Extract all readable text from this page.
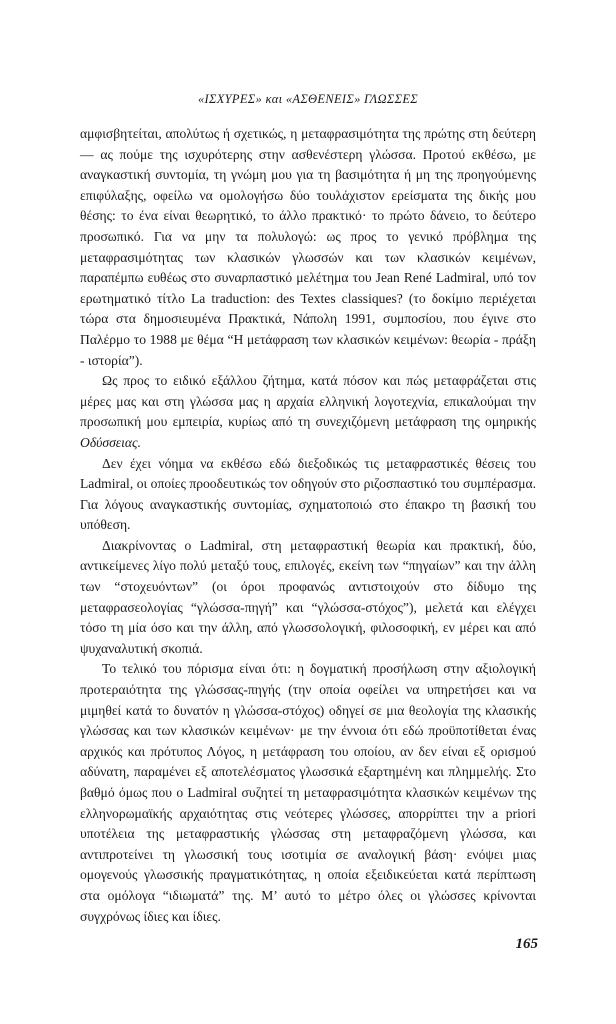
«ΙΣΧΥΡΕΣ» και «ΑΣΘΕΝΕΙΣ» ΓΛΩΣΣΕΣ

αμφισβητείται, απολύτως ή σχετικώς, η μεταφρασιμότητα της πρώτης στη δεύτερη — ας πούμε της ισχυρότερης στην ασθενέστερη γλώσσα. Προτού εκθέσω, με αναγκαστική συντομία, τη γνώμη μου για τη βασιμότητα ή μη της προηγούμενης επιφύλαξης, οφείλω να ομολογήσω δύο τουλάχιστον ερείσματα της δικής μου θέσης: το ένα είναι θεωρητικό, το άλλο πρακτικό· το πρώτο δάνειο, το δεύτερο προσωπικό. Για να μην τα πολυλογώ: ως προς το γενικό πρόβλημα της μεταφρασιμότητας των κλασικών γλωσσών και των κλασικών κειμένων, παραπέμπω ευθέως στο συναρπαστικό μελέτημα του Jean René Ladmiral, υπό τον ερωτηματικό τίτλο La traduction: des Textes classiques? (το δοκίμιο περιέχεται τώρα στα δημοσιευμένα Πρακτικά, Νάπολη 1991, συμποσίου, που έγινε στο Παλέρμο το 1988 με θέμα “Η μετάφραση των κλασικών κειμένων: θεωρία - πράξη - ιστορία”).

Ως προς το ειδικό εξάλλου ζήτημα, κατά πόσον και πώς μεταφράζεται στις μέρες μας και στη γλώσσα μας η αρχαία ελληνική λογοτεχνία, επικαλούμαι την προσωπική μου εμπειρία, κυρίως από τη συνεχιζόμενη μετάφραση της ομηρικής Οδύσσειας.

Δεν έχει νόημα να εκθέσω εδώ διεξοδικώς τις μεταφραστικές θέσεις του Ladmiral, οι οποίες προοδευτικώς τον οδηγούν στο ριζοσπαστικό του συμπέρασμα. Για λόγους αναγκαστικής συντομίας, σχηματοποιώ στο έπακρο τη βασική του υπόθεση.

Διακρίνοντας ο Ladmiral, στη μεταφραστική θεωρία και πρακτική, δύο, αντικείμενες λίγο πολύ μεταξύ τους, επιλογές, εκείνη των “πηγαίων” και την άλλη των “στοχευόντων” (οι όροι προφανώς αντιστοιχούν στο δίδυμο της μεταφρασεολογίας “γλώσσα-πηγή” και “γλώσσα-στόχος”), μελετά και ελέγχει τόσο τη μία όσο και την άλλη, από γλωσσολογική, φιλοσοφική, εν μέρει και από ψυχαναλυτική σκοπιά.

Το τελικό του πόρισμα είναι ότι: η δογματική προσήλωση στην αξιολογική προτεραιότητα της γλώσσας-πηγής (την οποία οφείλει να υπηρετήσει και να μιμηθεί κατά το δυνατόν η γλώσσα-στόχος) οδηγεί σε μια θεολογία της κλασικής γλώσσας και των κλασικών κειμένων· με την έννοια ότι εδώ προϋποτίθεται ένας αρχικός και πρότυπος Λόγος, η μετάφραση του οποίου, αν δεν είναι εξ ορισμού αδύνατη, παραμένει εξ αποτελέσματος γλωσσικά εξαρτημένη και πλημμελής. Στο βαθμό όμως που ο Ladmiral συζητεί τη μεταφρασιμότητα κλασικών κειμένων της ελληνορωμαϊκής αρχαιότητας στις νεότερες γλώσσες, απορρίπτει την a priori υποτέλεια της μεταφραστικής γλώσσας στη μεταφραζόμενη γλώσσα, και αντιπροτείνει τη γλωσσική τους ισοτιμία σε αναλογική βάση· ενόψει μιας ομογενούς γλωσσικής πραγματικότητας, η οποία εξειδικεύεται κατά περίπτωση στα ομόλογα “ιδιωματά” της. Μ’ αυτό το μέτρο όλες οι γλώσσες κρίνονται συγχρόνως ίδιες και ίδιες.

165
